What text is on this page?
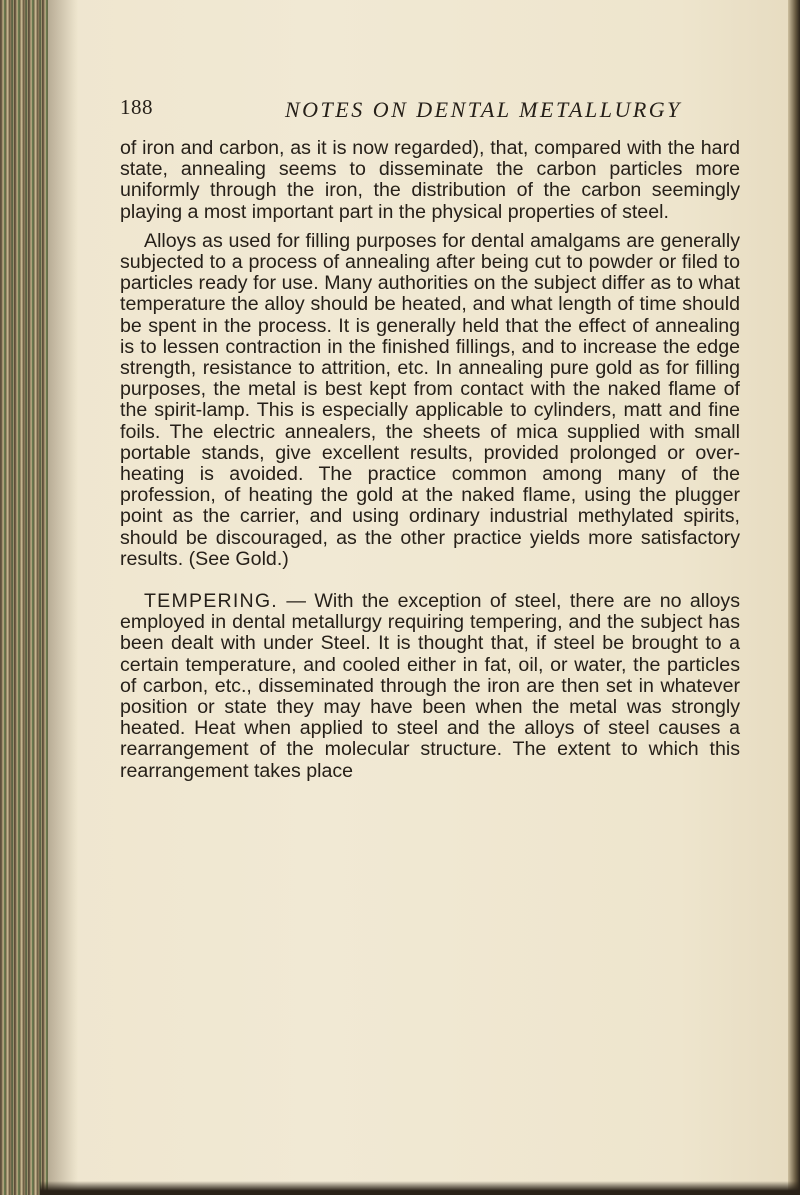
188	NOTES ON DENTAL METALLURGY

of iron and carbon, as it is now regarded), that, compared with the hard state, annealing seems to disseminate the carbon particles more uniformly through the iron, the distribution of the carbon seemingly playing a most important part in the physical properties of steel.

Alloys as used for filling purposes for dental amalgams are generally subjected to a process of annealing after being cut to powder or filed to particles ready for use. Many authorities on the subject differ as to what temperature the alloy should be heated, and what length of time should be spent in the process. It is generally held that the effect of annealing is to lessen contraction in the finished fillings, and to increase the edge strength, resistance to attrition, etc. In annealing pure gold as for filling purposes, the metal is best kept from contact with the naked flame of the spirit-lamp. This is especially applicable to cylinders, matt and fine foils. The electric annealers, the sheets of mica supplied with small portable stands, give excellent results, provided prolonged or over-heating is avoided. The practice common among many of the profession, of heating the gold at the naked flame, using the plugger point as the carrier, and using ordinary industrial methylated spirits, should be discouraged, as the other practice yields more satisfactory results. (See Gold.)

TEMPERING. — With the exception of steel, there are no alloys employed in dental metallurgy requiring tempering, and the subject has been dealt with under Steel. It is thought that, if steel be brought to a certain temperature, and cooled either in fat, oil, or water, the particles of carbon, etc., disseminated through the iron are then set in whatever position or state they may have been when the metal was strongly heated. Heat when applied to steel and the alloys of steel causes a rearrangement of the molecular structure. The extent to which this rearrangement takes place
